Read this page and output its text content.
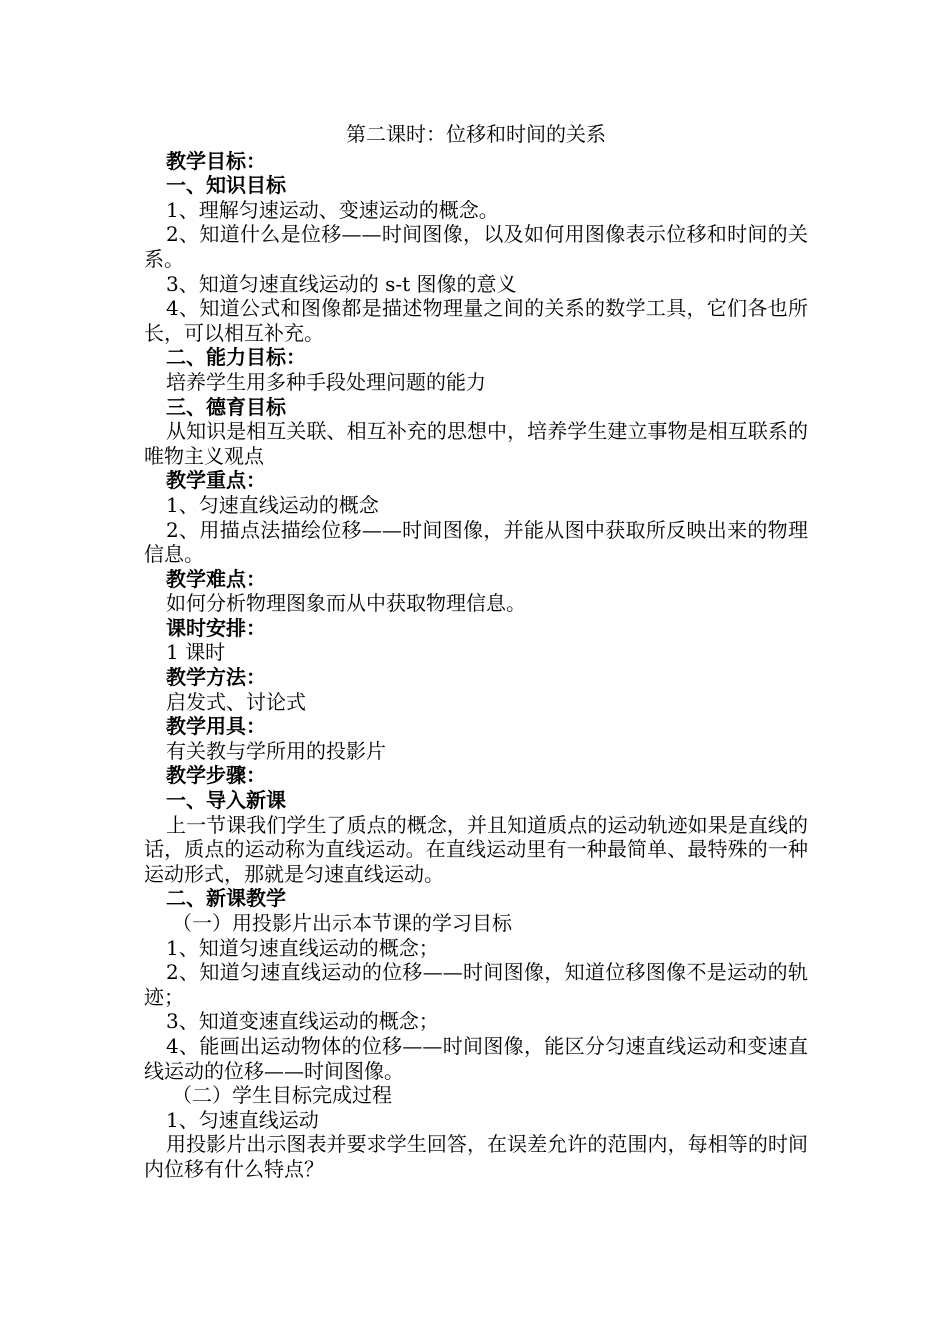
第二课时：位移和时间的关系
教学目标：
一、知识目标
1、理解匀速运动、变速运动的概念。
2、知道什么是位移——时间图像，以及如何用图像表示位移和时间的关系。
3、知道匀速直线运动的 s-t 图像的意义
4、知道公式和图像都是描述物理量之间的关系的数学工具，它们各也所长，可以相互补充。
二、能力目标：
培养学生用多种手段处理问题的能力
三、德育目标
从知识是相互关联、相互补充的思想中，培养学生建立事物是相互联系的唯物主义观点
教学重点：
1、匀速直线运动的概念
2、用描点法描绘位移——时间图像，并能从图中获取所反映出来的物理信息。
教学难点：
如何分析物理图象而从中获取物理信息。
课时安排：
1 课时
教学方法：
启发式、讨论式
教学用具：
有关教与学所用的投影片
教学步骤：
一、导入新课
上一节课我们学生了质点的概念，并且知道质点的运动轨迹如果是直线的话，质点的运动称为直线运动。在直线运动里有一种最简单、最特殊的一种运动形式，那就是匀速直线运动。
二、新课教学
（一）用投影片出示本节课的学习目标
1、知道匀速直线运动的概念；
2、知道匀速直线运动的位移——时间图像，知道位移图像不是运动的轨迹；
3、知道变速直线运动的概念；
4、能画出运动物体的位移——时间图像，能区分匀速直线运动和变速直线运动的位移——时间图像。
（二）学生目标完成过程
1、匀速直线运动
用投影片出示图表并要求学生回答，在误差允许的范围内，每相等的时间内位移有什么特点？
